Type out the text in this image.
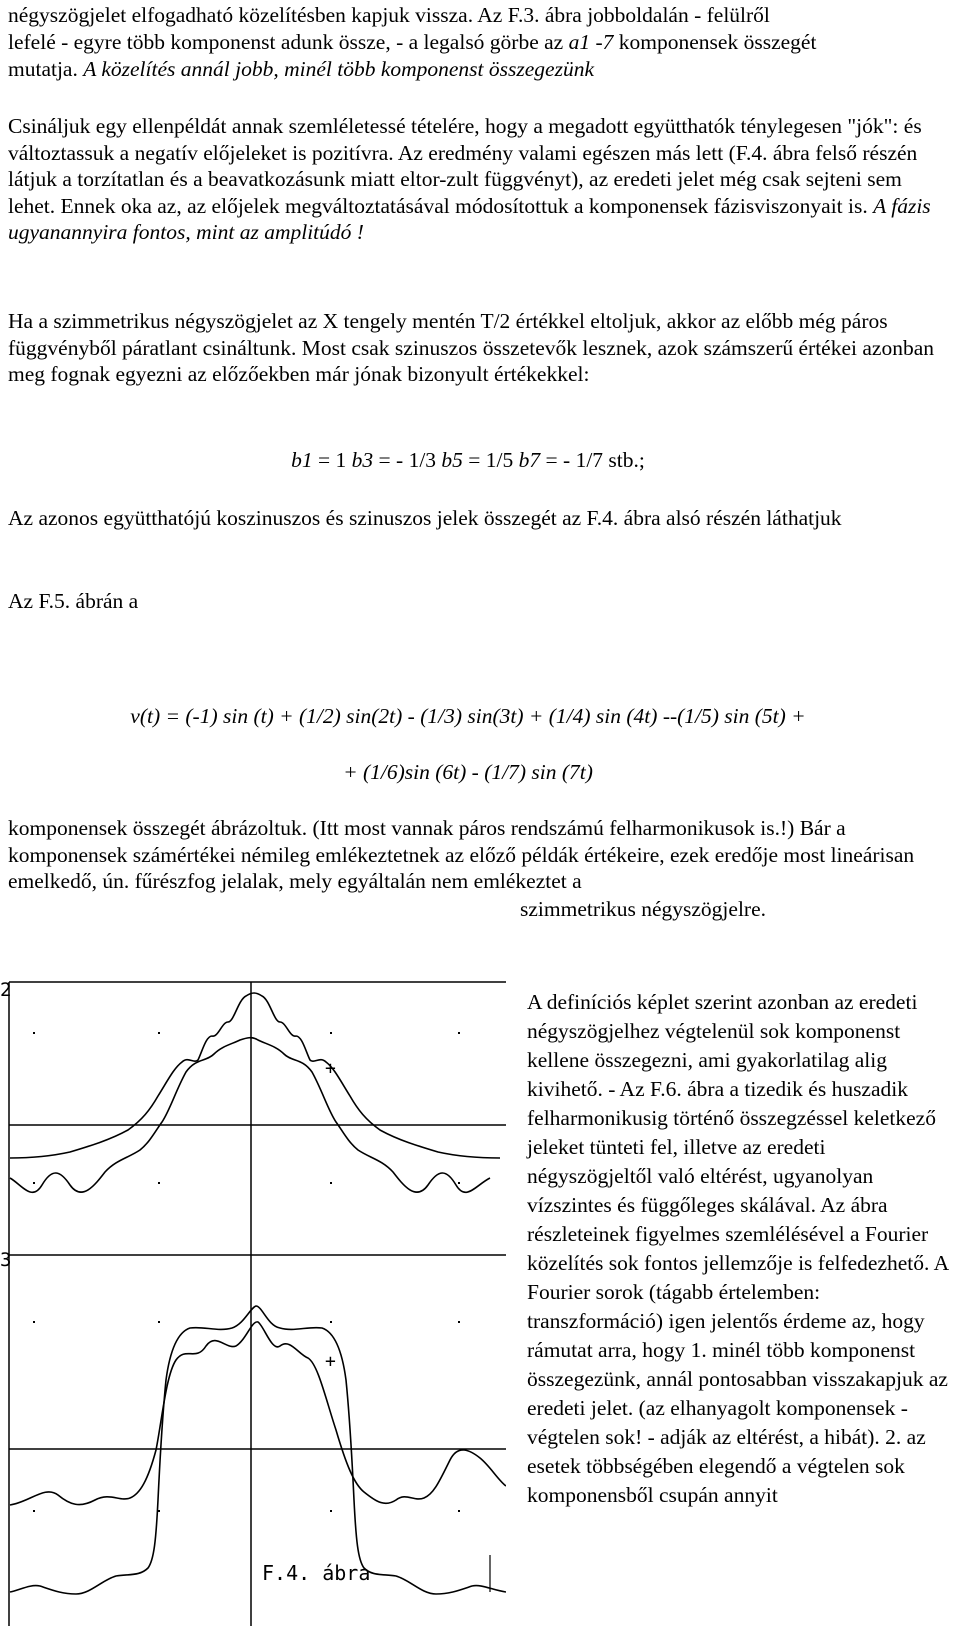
négyszögjelet elfogadható közelítésben kapjuk vissza. Az F.3. ábra jobboldalán - felülről

lefelé - egyre több komponenst adunk össze, - a legalsó görbe az a1 -7 komponensek összegét

mutatja. A közelítés annál jobb, minél több komponenst összegezünk

Csináljuk egy ellenpéldát annak szemléletessé tételére, hogy a megadott együtthatók ténylegesen "jók": és változtassuk a negatív előjeleket is pozitívra. Az eredmény valami egészen más lett (F.4. ábra felső részén látjuk a torzítatlan és a beavatkozásunk miatt eltor-zult függvényt), az eredeti jelet még csak sejteni sem lehet. Ennek oka az, az előjelek megváltoztatásával módosítottuk a komponensek fázisviszonyait is. A fázis ugyanannyira fontos, mint az amplitúdó !

Ha a szimmetrikus négyszögjelet az X tengely mentén T/2 értékkel eltoljuk, akkor az előbb még páros függvényből páratlant csináltunk. Most csak szinuszos összetevők lesznek, azok számszerű értékei azonban meg fognak egyezni az előzőekben már jónak bizonyult értékekkel:

b1 = 1 b3 = - 1/3 b5 = 1/5 b7 = - 1/7 stb.;

Az azonos együtthatójú koszinuszos és szinuszos jelek összegét az F.4. ábra alsó részén láthatjuk

Az F.5. ábrán a

v(t) = (-1) sin (t) + (1/2) sin(2t) - (1/3) sin(3t) + (1/4) sin (4t) --(1/5) sin (5t) +

+ (1/6)sin (6t) - (1/7) sin (7t)

komponensek összegét ábrázoltuk. (Itt most vannak páros rendszámú felharmonikusok is.!) Bár a komponensek számértékei némileg emlékeztetnek az előző példák értékeire, ezek eredője most lineárisan emelkedő, ún. fűrészfog jelalak, mely egyáltalán nem emlékeztet a

szimmetrikus négyszögjelre.

A definíciós képlet szerint azonban az eredeti négyszögjelhez végtelenül sok komponenst kellene összegezni, ami gyakorlatilag alig kivihető. - Az F.6. ábra a tizedik és huszadik felharmonikusig történő összegzéssel keletkező jeleket tünteti fel, illetve az eredeti négyszögjeltől való eltérést, ugyanolyan vízszintes és függőleges skálával. Az ábra részleteinek figyelmes szemlélésével a Fourier közelítés sok fontos jellemzője is felfedezhető. A Fourier sorok (tágabb értelemben: transzformáció) igen jelentős érdeme az, hogy rámutat arra, hogy 1. minél több komponenst összegezünk, annál pontosabban visszakapjuk az eredeti jelet. (az elhanyagolt komponensek - végtelen sok! - adják az eltérést, a hibát). 2. az esetek többségében elegendő a végtelen sok komponensből csupán annyit

2
3
+
+
F.4. ábra
